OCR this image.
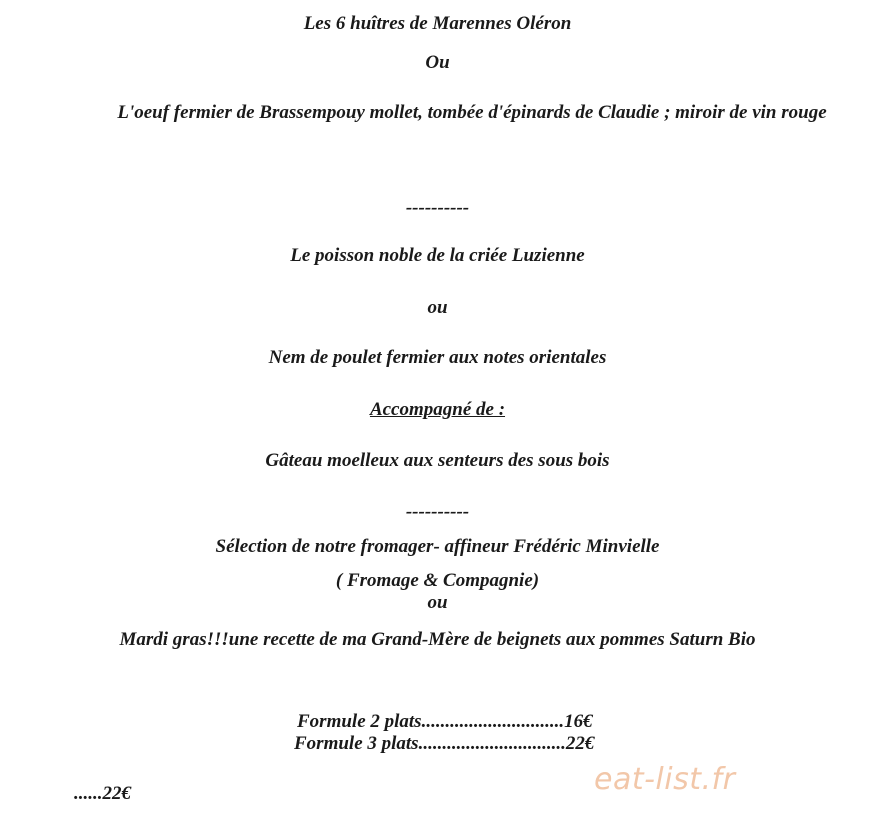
Les 6 huîtres de Marennes Oléron
Ou
L'oeuf fermier de Brassempouy mollet, tombée d'épinards de Claudie ; miroir de vin rouge
----------
Le poisson noble de la criée Luzienne
ou
Nem de poulet fermier aux notes orientales
Accompagné de :
Gâteau moelleux aux senteurs des sous bois
----------
Sélection de notre fromager- affineur Frédéric Minvielle
( Fromage & Compagnie)
ou
Mardi gras!!!une recette de ma Grand-Mère de beignets aux pommes Saturn Bio
Formule 2 plats..............................16€
Formule 3 plats...............................22€
......22€	eat-list.fr
